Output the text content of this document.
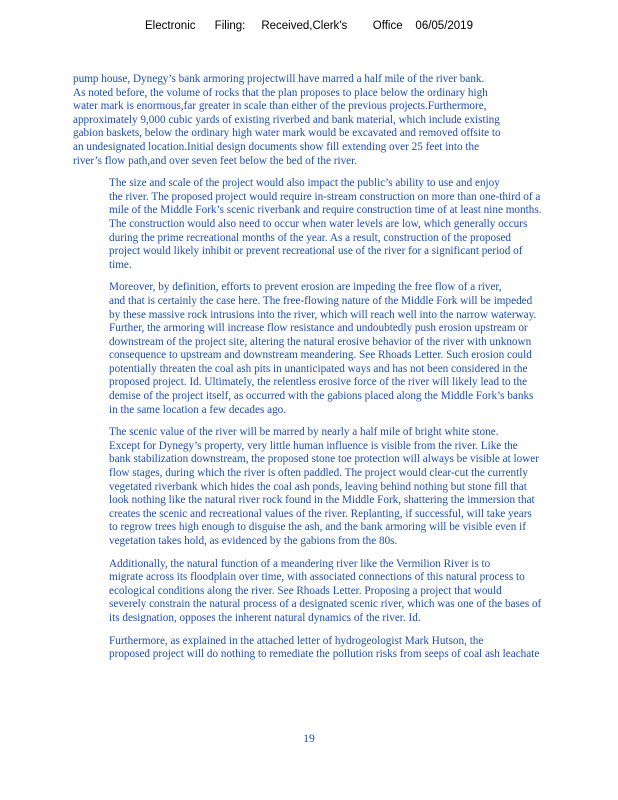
Electronic      Filing:     Received,Clerk's        Office    06/05/2019
pump house, Dynegy’s bank armoring projectwill have marred a half mile of the river bank.
As noted before, the volume of rocks that the plan proposes to place below the ordinary high
water mark is enormous,far greater in scale than either of the previous projects.Furthermore,
approximately 9,000 cubic yards of existing riverbed and bank material, which include existing
gabion baskets, below the ordinary high water mark would be excavated and removed offsite to
an undesignated location.Initial design documents show fill extending over 25 feet into the
river’s flow path,and over seven feet below the bed of the river.
The size and scale of the project would also impact the public’s ability to use and enjoy
the river. The proposed project would require in-stream construction on more than one-third of a
mile of the Middle Fork’s scenic riverbank and require construction time of at least nine months.
The construction would also need to occur when water levels are low, which generally occurs
during the prime recreational months of the year. As a result, construction of the proposed
project would likely inhibit or prevent recreational use of the river for a significant period of
time.
Moreover, by definition, efforts to prevent erosion are impeding the free flow of a river,
and that is certainly the case here. The free-flowing nature of the Middle Fork will be impeded
by these massive rock intrusions into the river, which will reach well into the narrow waterway.
Further, the armoring will increase flow resistance and undoubtedly push erosion upstream or
downstream of the project site, altering the natural erosive behavior of the river with unknown
consequence to upstream and downstream meandering. See Rhoads Letter. Such erosion could
potentially threaten the coal ash pits in unanticipated ways and has not been considered in the
proposed project. Id. Ultimately, the relentless erosive force of the river will likely lead to the
demise of the project itself, as occurred with the gabions placed along the Middle Fork’s banks
in the same location a few decades ago.
The scenic value of the river will be marred by nearly a half mile of bright white stone.
Except for Dynegy’s property, very little human influence is visible from the river. Like the
bank stabilization downstream, the proposed stone toe protection will always be visible at lower
flow stages, during which the river is often paddled. The project would clear-cut the currently
vegetated riverbank which hides the coal ash ponds, leaving behind nothing but stone fill that
look nothing like the natural river rock found in the Middle Fork, shattering the immersion that
creates the scenic and recreational values of the river. Replanting, if successful, will take years
to regrow trees high enough to disguise the ash, and the bank armoring will be visible even if
vegetation takes hold, as evidenced by the gabions from the 80s.
Additionally, the natural function of a meandering river like the Vermilion River is to
migrate across its floodplain over time, with associated connections of this natural process to
ecological conditions along the river. See Rhoads Letter. Proposing a project that would
severely constrain the natural process of a designated scenic river, which was one of the bases of
its designation, opposes the inherent natural dynamics of the river. Id.
Furthermore, as explained in the attached letter of hydrogeologist Mark Hutson, the
proposed project will do nothing to remediate the pollution risks from seeps of coal ash leachate
19
